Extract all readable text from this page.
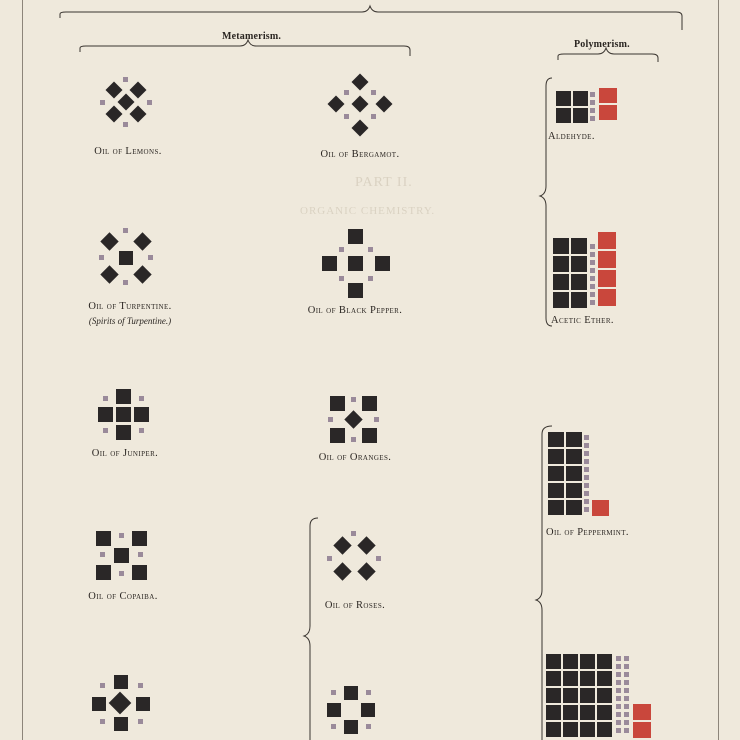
PART II.
ORGANIC CHEMISTRY.
Metamerism.
Polymerism.
Oil of Lemons.	Oil of Bergamot.
Aldehyde.
Oil of Turpentine.
(Spirits of Turpentine.)
Oil of Black Pepper.
Acetic Ether.
Oil of Juniper.	Oil of Oranges.
Oil of Peppermint.
Oil of Copaiba.
Oil of Roses.
